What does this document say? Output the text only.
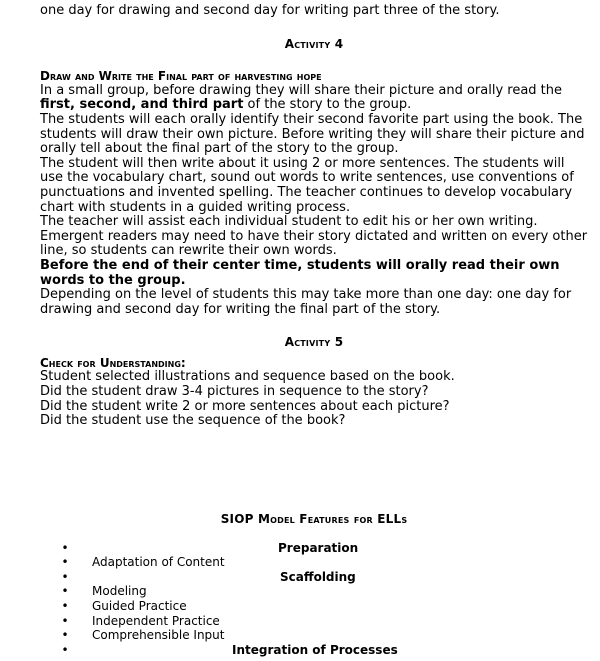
one day for drawing and second day for writing part three of the story.

Activity 4

Draw and Write the Final part of harvesting hope

In a small group, before drawing they will share their picture and orally read the first, second, and third part of the story to the group.

The students will each orally identify their second favorite part using the book. The students will draw their own picture. Before writing they will share their picture and orally tell about the final part of the story to the group.

The student will then write about it using 2 or more sentences. The students will use the vocabulary chart, sound out words to write sentences, use conventions of punctuations and invented spelling. The teacher continues to develop vocabulary chart with students in a guided writing process.

The teacher will assist each individual student to edit his or her own writing.

Emergent readers may need to have their story dictated and written on every other line, so students can rewrite their own words.

Before the end of their center time, students will orally read their own words to the group.

Depending on the level of students this may take more than one day: one day for drawing and second day for writing the final part of the story.

Activity 5

Check for Understanding:

Student selected illustrations and sequence based on the book.

Did the student draw 3-4 pictures in sequence to the story?

Did the student write 2 or more sentences about each picture?

Did the student use the sequence of the book?

SIOP Model Features for ELLs

•
•
•
•
•
•
•
•
Preparation
Adaptation of Content
Scaffolding
Modeling
Guided Practice
Independent Practice
Comprehensible Input
Integration of Processes
